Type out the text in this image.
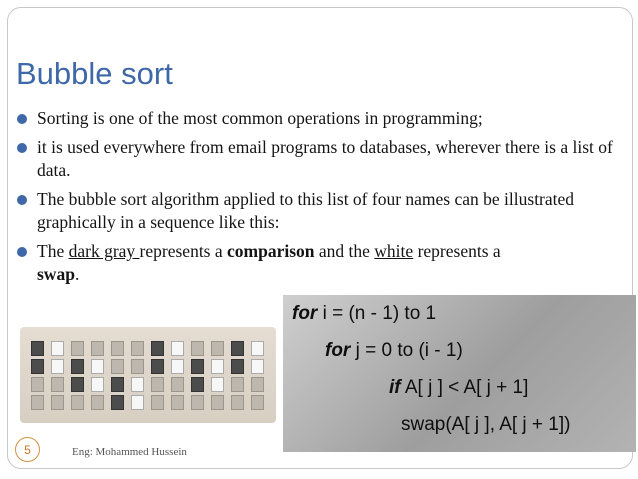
Bubble sort
Sorting is one of the most common operations in programming;
it is used everywhere from email programs to databases, wherever there is a list of data.
The bubble sort algorithm applied to this list of four names can be illustrated graphically in a sequence like this:
The dark gray represents a comparison and the white represents a
swap.
for i = (n - 1) to 1
for j = 0 to (i - 1)
if A[ j ] < A[ j + 1]
swap(A[ j ], A[ j + 1])
5	Eng: Mohammed Hussein
